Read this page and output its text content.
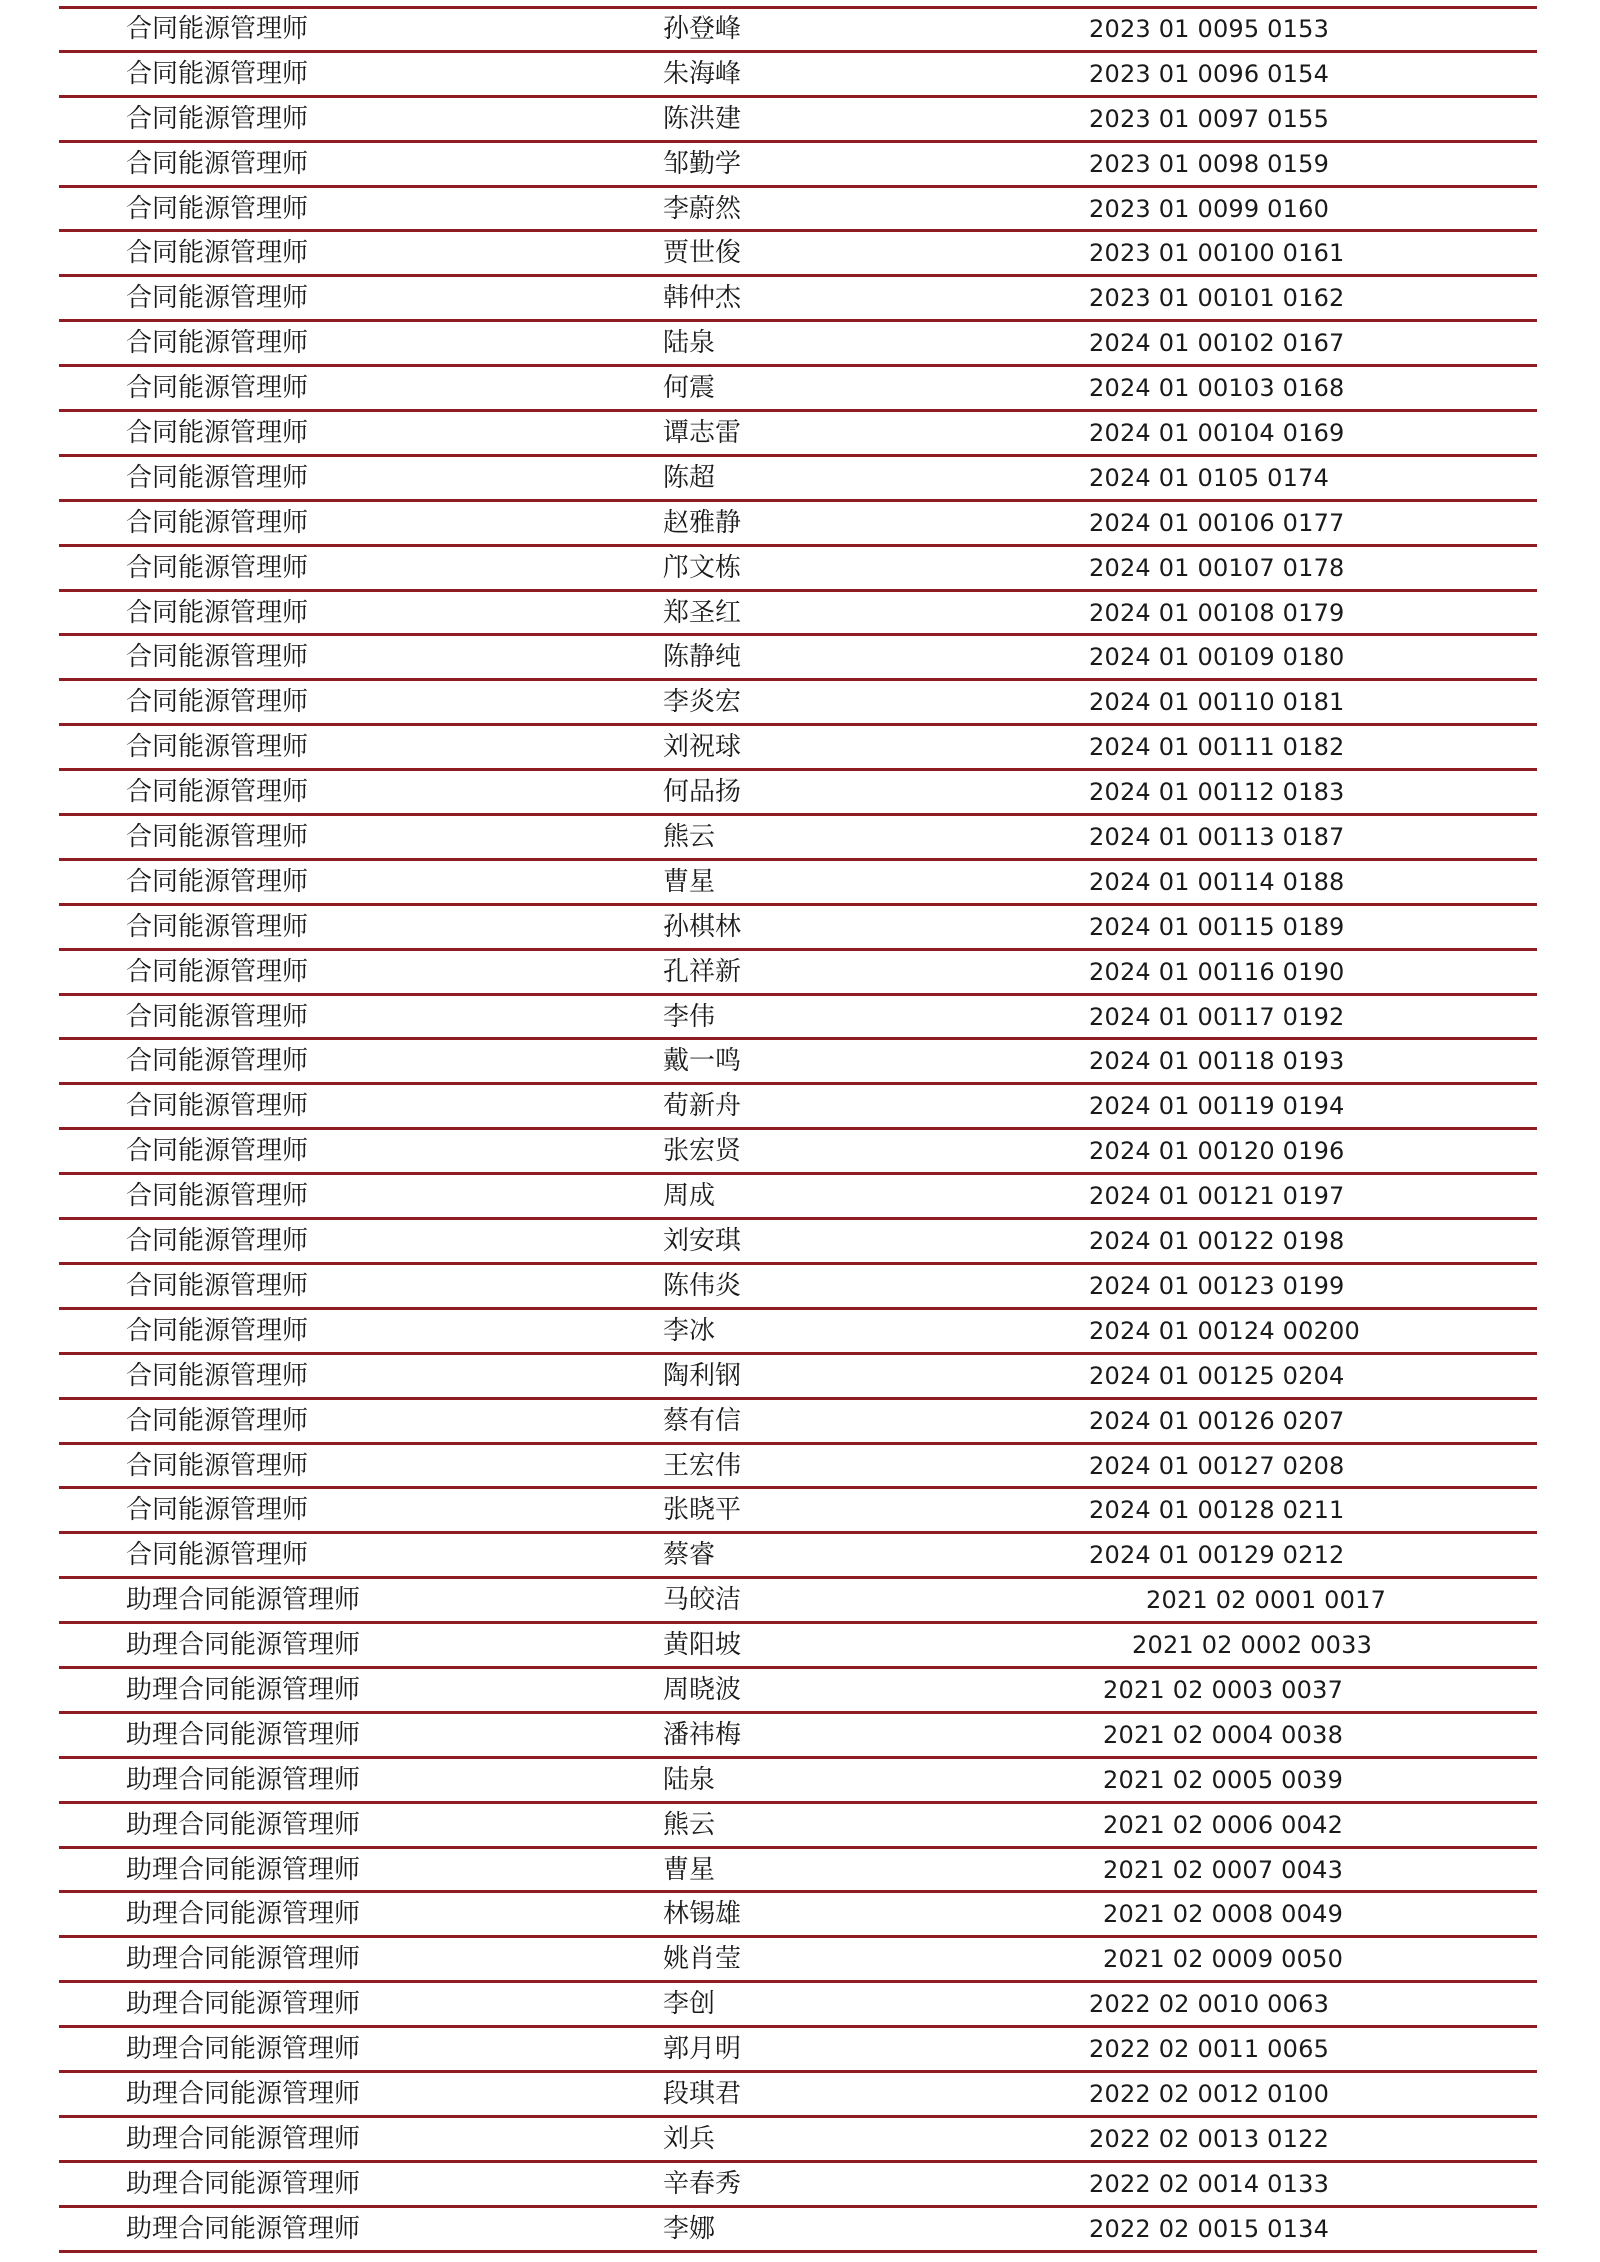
合同能源管理师	孙登峰	2023 01 0095 0153
合同能源管理师	朱海峰	2023 01 0096 0154
合同能源管理师	陈洪建	2023 01 0097 0155
合同能源管理师	邹勤学	2023 01 0098 0159
合同能源管理师	李蔚然	2023 01 0099 0160
合同能源管理师	贾世俊	2023 01 00100 0161
合同能源管理师	韩仲杰	2023 01 00101 0162
合同能源管理师	陆泉	2024 01 00102 0167
合同能源管理师	何震	2024 01 00103 0168
合同能源管理师	谭志雷	2024 01 00104 0169
合同能源管理师	陈超	2024 01 0105 0174
合同能源管理师	赵雅静	2024 01 00106 0177
合同能源管理师	邝文栋	2024 01 00107 0178
合同能源管理师	郑圣红	2024 01 00108 0179
合同能源管理师	陈静纯	2024 01 00109 0180
合同能源管理师	李炎宏	2024 01 00110 0181
合同能源管理师	刘祝球	2024 01 00111 0182
合同能源管理师	何品扬	2024 01 00112 0183
合同能源管理师	熊云	2024 01 00113 0187
合同能源管理师	曹星	2024 01 00114 0188
合同能源管理师	孙棋林	2024 01 00115 0189
合同能源管理师	孔祥新	2024 01 00116 0190
合同能源管理师	李伟	2024 01 00117 0192
合同能源管理师	戴一鸣	2024 01 00118 0193
合同能源管理师	荀新舟	2024 01 00119 0194
合同能源管理师	张宏贤	2024 01 00120 0196
合同能源管理师	周成	2024 01 00121 0197
合同能源管理师	刘安琪	2024 01 00122 0198
合同能源管理师	陈伟炎	2024 01 00123 0199
合同能源管理师	李冰	2024 01 00124 00200
合同能源管理师	陶利钢	2024 01 00125 0204
合同能源管理师	蔡有信	2024 01 00126 0207
合同能源管理师	王宏伟	2024 01 00127 0208
合同能源管理师	张晓平	2024 01 00128 0211
合同能源管理师	蔡睿	2024 01 00129 0212
助理合同能源管理师	马皎洁	2021 02 0001 0017
助理合同能源管理师	黄阳坡	2021 02 0002 0033
助理合同能源管理师	周晓波	2021 02 0003 0037
助理合同能源管理师	潘祎梅	2021 02 0004 0038
助理合同能源管理师	陆泉	2021 02 0005 0039
助理合同能源管理师	熊云	2021 02 0006 0042
助理合同能源管理师	曹星	2021 02 0007 0043
助理合同能源管理师	林锡雄	2021 02 0008 0049
助理合同能源管理师	姚肖莹	2021 02 0009 0050
助理合同能源管理师	李创	2022 02 0010 0063
助理合同能源管理师	郭月明	2022 02 0011 0065
助理合同能源管理师	段琪君	2022 02 0012 0100
助理合同能源管理师	刘兵	2022 02 0013 0122
助理合同能源管理师	辛春秀	2022 02 0014 0133
助理合同能源管理师	李娜	2022 02 0015 0134
